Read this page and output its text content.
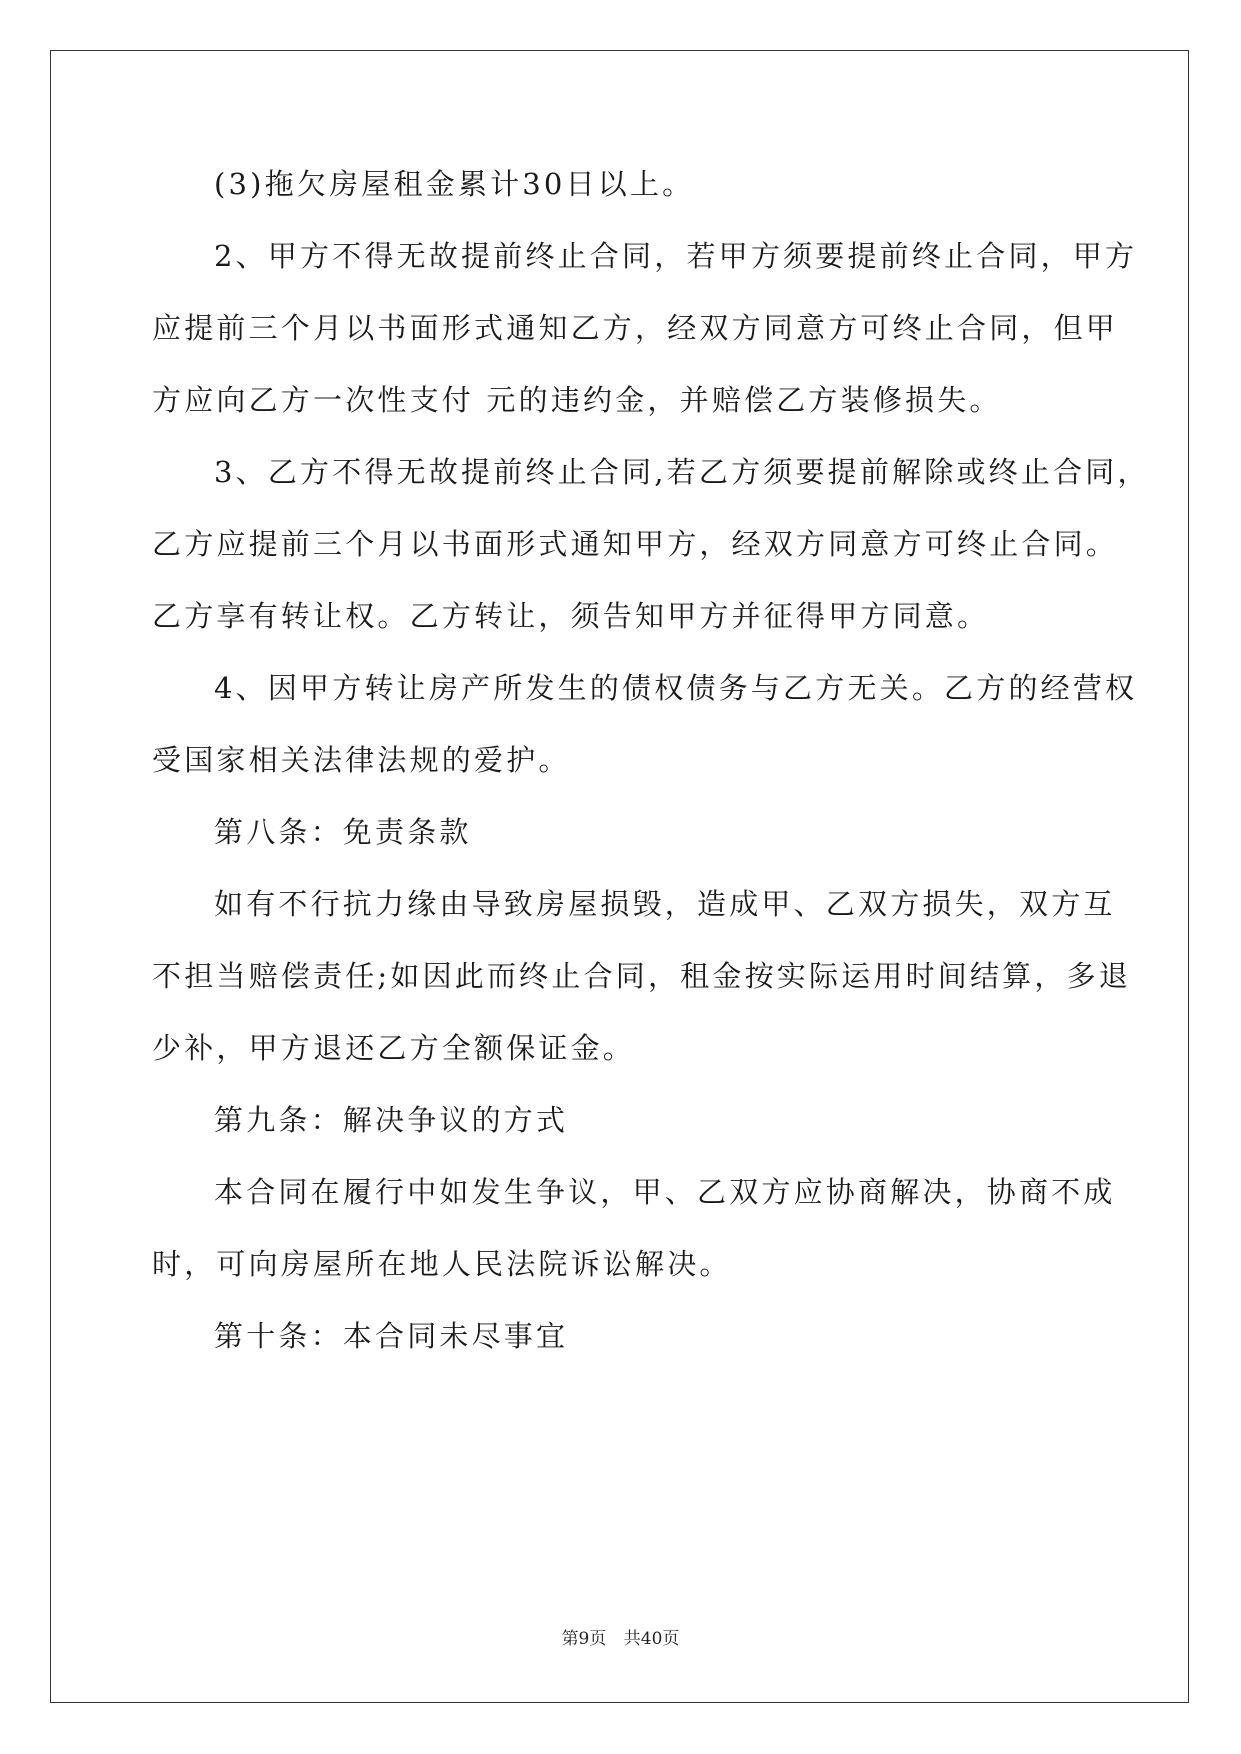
(3)拖欠房屋租金累计30日以上。
2、甲方不得无故提前终止合同，若甲方须要提前终止合同，甲方
应提前三个月以书面形式通知乙方，经双方同意方可终止合同，但甲
方应向乙方一次性支付 元的违约金，并赔偿乙方装修损失。
3、乙方不得无故提前终止合同,若乙方须要提前解除或终止合同，
乙方应提前三个月以书面形式通知甲方，经双方同意方可终止合同。
乙方享有转让权。乙方转让，须告知甲方并征得甲方同意。
4、因甲方转让房产所发生的债权债务与乙方无关。乙方的经营权
受国家相关法律法规的爱护。
第八条：免责条款
如有不行抗力缘由导致房屋损毁，造成甲、乙双方损失，双方互
不担当赔偿责任;如因此而终止合同，租金按实际运用时间结算，多退
少补，甲方退还乙方全额保证金。
第九条：解决争议的方式
本合同在履行中如发生争议，甲、乙双方应协商解决，协商不成
时，可向房屋所在地人民法院诉讼解决。
第十条：本合同未尽事宜
第9页 共40页
